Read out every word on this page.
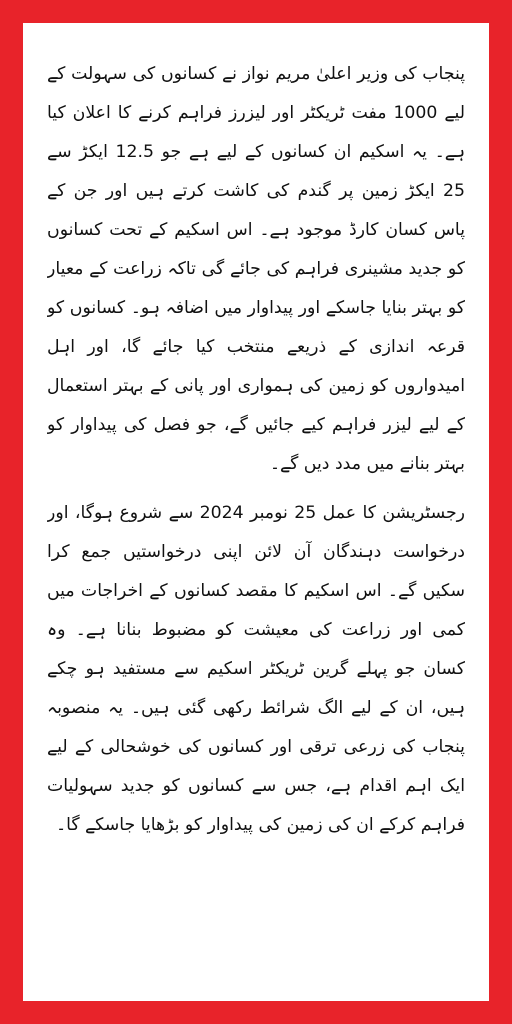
پنجاب کی وزیر اعلیٰ مریم نواز نے کسانوں کی سہولت کے لیے 1000 مفت ٹریکٹر اور لیزرز فراہم کرنے کا اعلان کیا ہے۔ یہ اسکیم ان کسانوں کے لیے ہے جو 12.5 ایکڑ سے 25 ایکڑ زمین پر گندم کی کاشت کرتے ہیں اور جن کے پاس کسان کارڈ موجود ہے۔ اس اسکیم کے تحت کسانوں کو جدید مشینری فراہم کی جائے گی تاکہ زراعت کے معیار کو بہتر بنایا جاسکے اور پیداوار میں اضافہ ہو۔ کسانوں کو قرعہ اندازی کے ذریعے منتخب کیا جائے گا، اور اہل امیدواروں کو زمین کی ہمواری اور پانی کے بہتر استعمال کے لیے لیزر فراہم کیے جائیں گے، جو فصل کی پیداوار کو بہتر بنانے میں مدد دیں گے۔

رجسٹریشن کا عمل 25 نومبر 2024 سے شروع ہوگا، اور درخواست دہندگان آن لائن اپنی درخواستیں جمع کرا سکیں گے۔ اس اسکیم کا مقصد کسانوں کے اخراجات میں کمی اور زراعت کی معیشت کو مضبوط بنانا ہے۔ وہ کسان جو پہلے گرین ٹریکٹر اسکیم سے مستفید ہو چکے ہیں، ان کے لیے الگ شرائط رکھی گئی ہیں۔ یہ منصوبہ پنجاب کی زرعی ترقی اور کسانوں کی خوشحالی کے لیے ایک اہم اقدام ہے، جس سے کسانوں کو جدید سہولیات فراہم کرکے ان کی زمین کی پیداوار کو بڑھایا جاسکے گا۔
